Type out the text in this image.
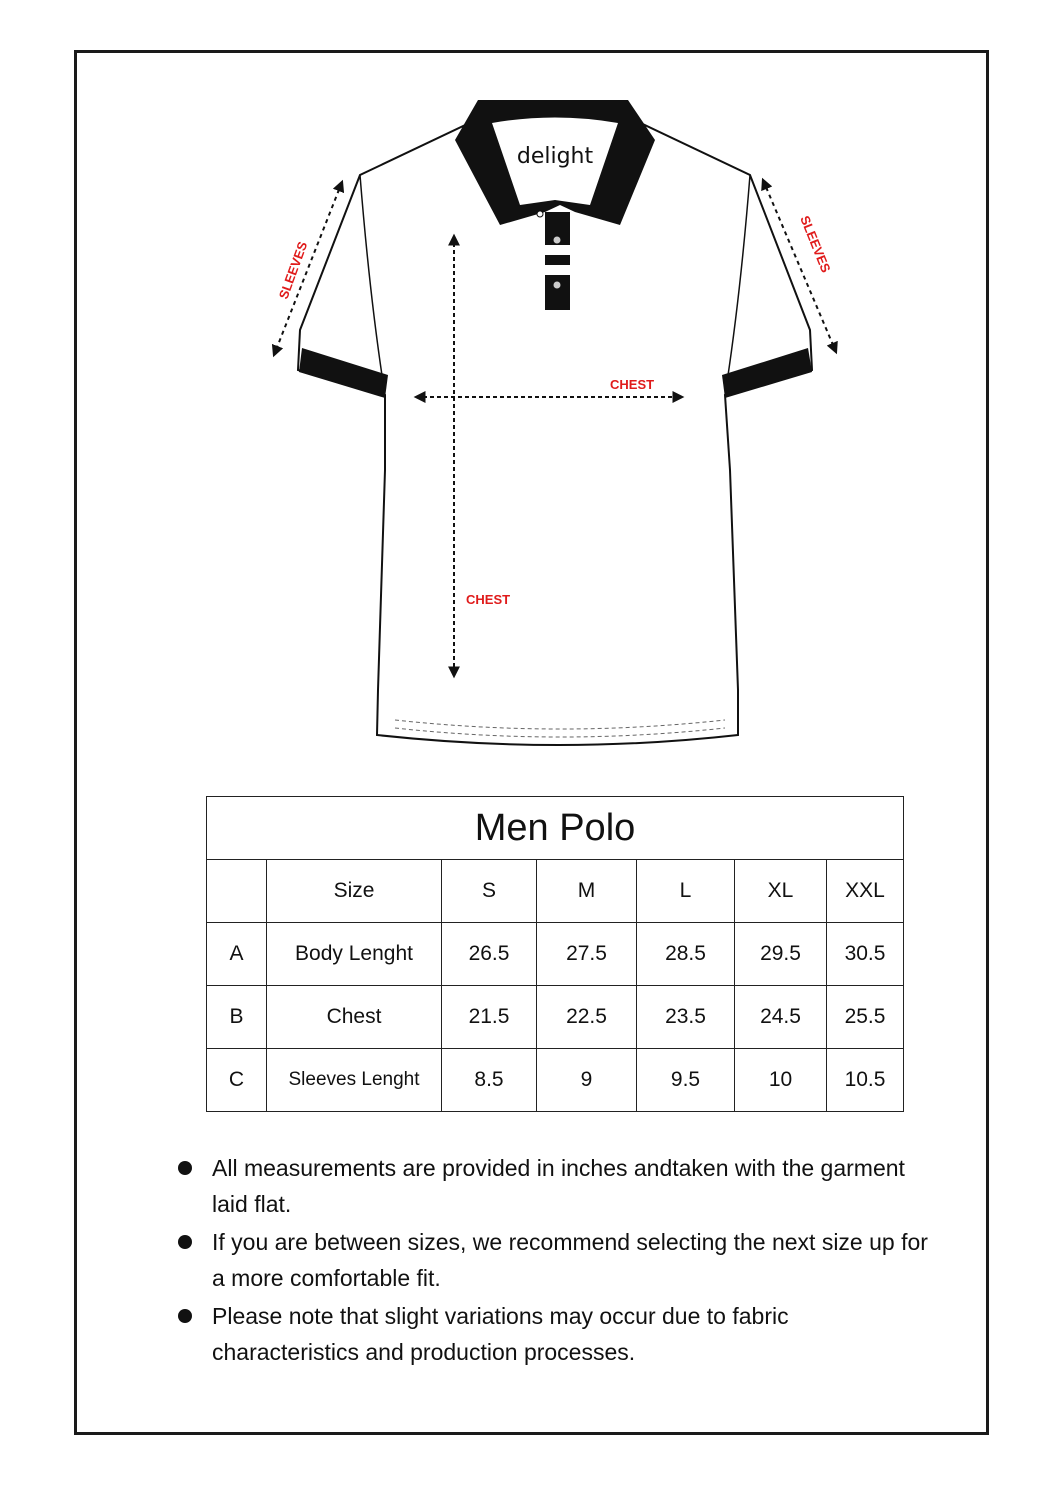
delight
SLEEVES	SLEEVES
CHEST
CHEST
Men Polo						
	Size	S	M	L	XL	XXL
A	Body Lenght	26.5	27.5	28.5	29.5	30.5
B	Chest	21.5	22.5	23.5	24.5	25.5
C	Sleeves Lenght	8.5	9	9.5	10	10.5
All measurements are provided in inches andtaken with the garment laid flat.
If you are between sizes, we recommend selecting the next size up for a more comfortable fit.
Please note that slight variations may occur due to fabric characteristics and production processes.
